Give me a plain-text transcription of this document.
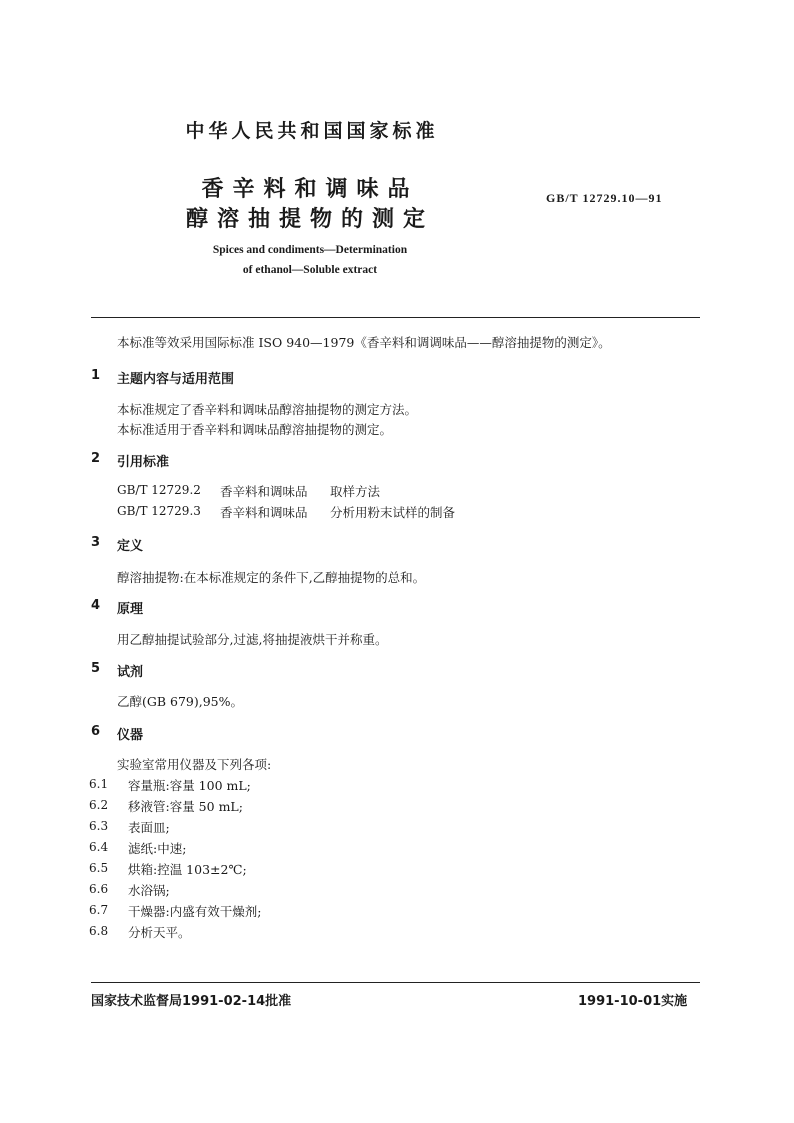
中华人民共和国国家标准
香辛料和调味品
醇溶抽提物的测定
Spices and condiments—Determination
of ethanol—Soluble extract
GB/T 12729.10—91
本标准等效采用国际标准 ISO 940—1979《香辛料和调调味品——醇溶抽提物的测定》。
1 主题内容与适用范围
本标准规定了香辛料和调味品醇溶抽提物的测定方法。
本标准适用于香辛料和调味品醇溶抽提物的测定。
2 引用标准
GB/T 12729.2 香辛料和调味品 取样方法
GB/T 12729.3 香辛料和调味品 分析用粉末试样的制备
3 定义
醇溶抽提物:在本标准规定的条件下,乙醇抽提物的总和。
4 原理
用乙醇抽提试验部分,过滤,将抽提液烘干并称重。
5 试剂
乙醇(GB 679),95%。
6 仪器
实验室常用仪器及下列各项:
6.1 容量瓶:容量 100 mL;
6.2 移液管:容量 50 mL;
6.3 表面皿;
6.4 滤纸:中速;
6.5 烘箱:控温 103±2℃;
6.6 水浴锅;
6.7 干燥器:内盛有效干燥剂;
6.8 分析天平。
国家技术监督局1991-02-14批准	1991-10-01实施
